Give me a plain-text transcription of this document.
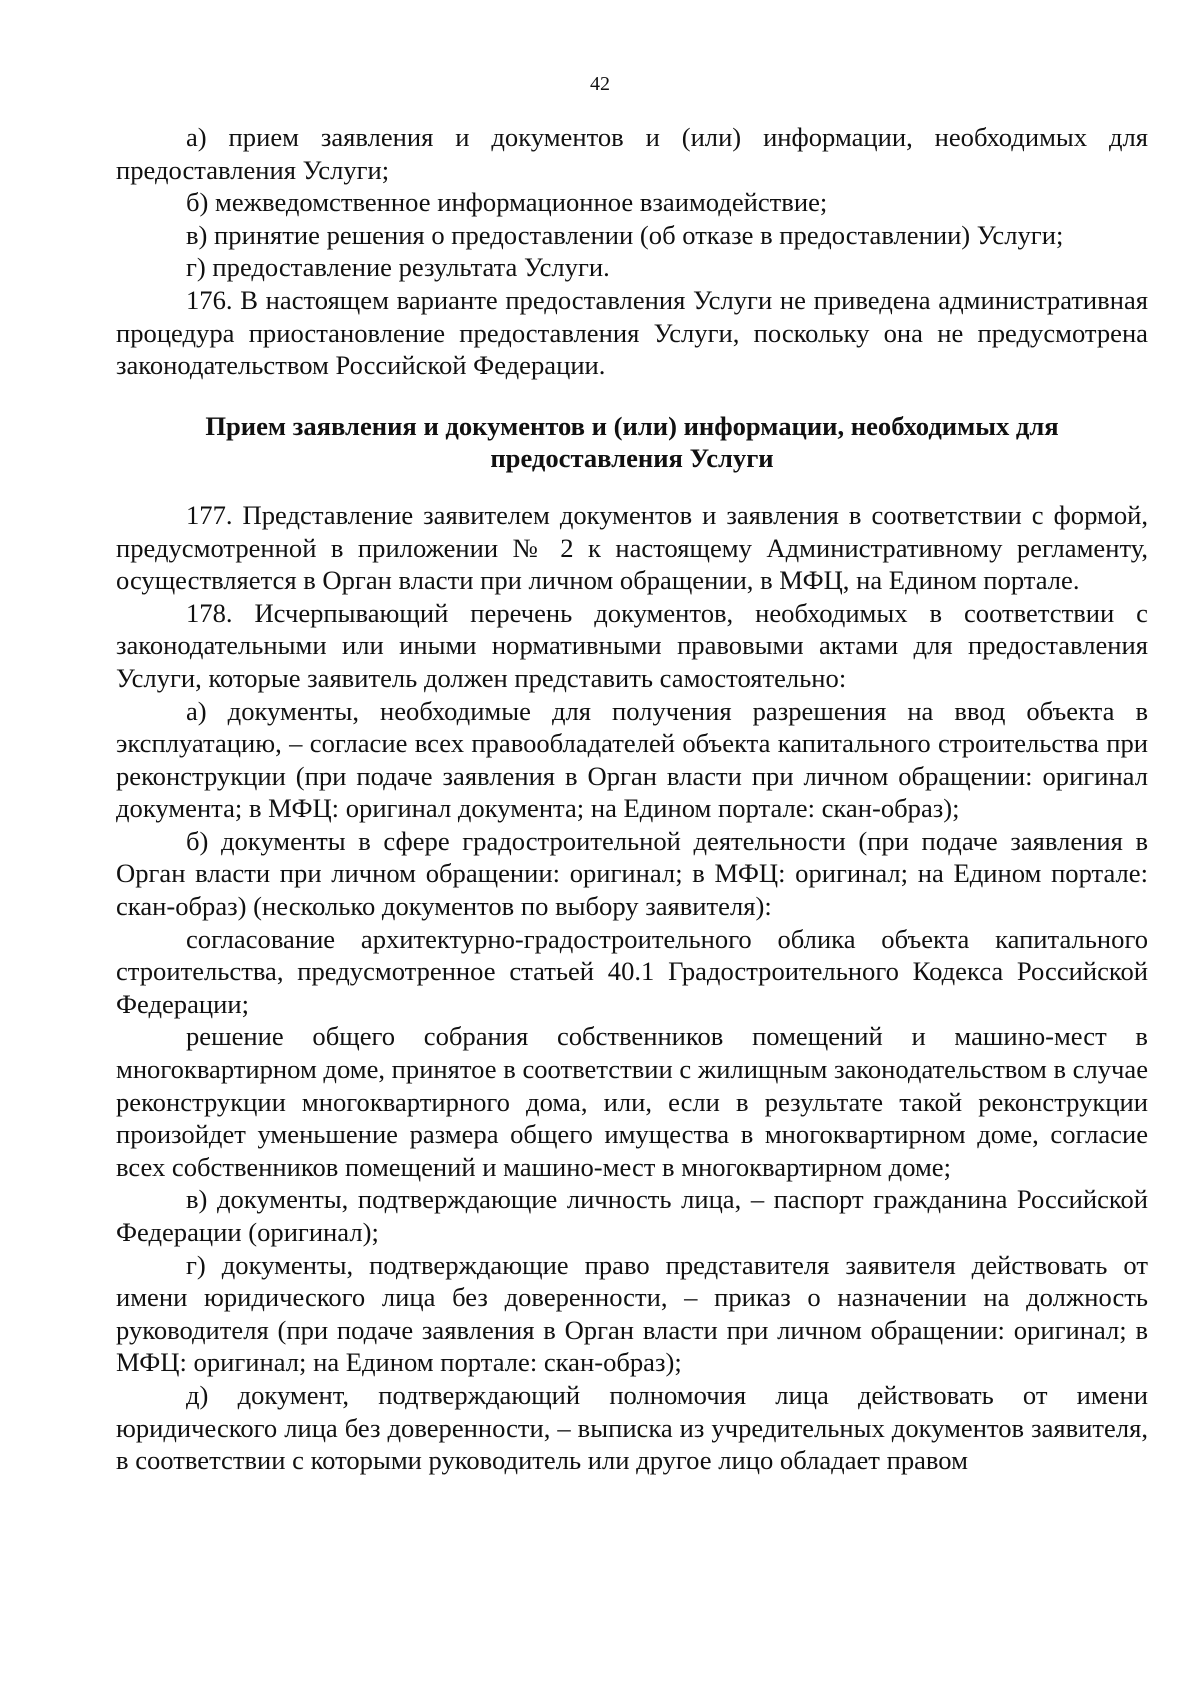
42

а) прием заявления и документов и (или) информации, необходимых для предоставления Услуги;

б) межведомственное информационное взаимодействие;

в) принятие решения о предоставлении (об отказе в предоставлении) Услуги;

г) предоставление результата Услуги.

176. В настоящем варианте предоставления Услуги не приведена административная процедура приостановление предоставления Услуги, поскольку она не предусмотрена законодательством Российской Федерации.

Прием заявления и документов и (или) информации, необходимых для
предоставления Услуги

177. Представление заявителем документов и заявления в соответствии с формой, предусмотренной в приложении № 2 к настоящему Административному регламенту, осуществляется в Орган власти при личном обращении, в МФЦ, на Едином портале.

178. Исчерпывающий перечень документов, необходимых в соответствии с законодательными или иными нормативными правовыми актами для предоставления Услуги, которые заявитель должен представить самостоятельно:

а) документы, необходимые для получения разрешения на ввод объекта в эксплуатацию, – согласие всех правообладателей объекта капитального строительства при реконструкции (при подаче заявления в Орган власти при личном обращении: оригинал документа; в МФЦ: оригинал документа; на Едином портале: скан-образ);

б) документы в сфере градостроительной деятельности (при подаче заявления в Орган власти при личном обращении: оригинал; в МФЦ: оригинал; на Едином портале: скан-образ) (несколько документов по выбору заявителя):

согласование архитектурно-градостроительного облика объекта капитального строительства, предусмотренное статьей 40.1 Градостроительного Кодекса Российской Федерации;

решение общего собрания собственников помещений и машино-мест в многоквартирном доме, принятое в соответствии с жилищным законодательством в случае реконструкции многоквартирного дома, или, если в результате такой реконструкции произойдет уменьшение размера общего имущества в многоквартирном доме, согласие всех собственников помещений и машино-мест в многоквартирном доме;

в) документы, подтверждающие личность лица, – паспорт гражданина Российской Федерации (оригинал);

г) документы, подтверждающие право представителя заявителя действовать от имени юридического лица без доверенности, – приказ о назначении на должность руководителя (при подаче заявления в Орган власти при личном обращении: оригинал; в МФЦ: оригинал; на Едином портале: скан-образ);

д) документ, подтверждающий полномочия лица действовать от имени юридического лица без доверенности, – выписка из учредительных документов заявителя, в соответствии с которыми руководитель или другое лицо обладает правом
